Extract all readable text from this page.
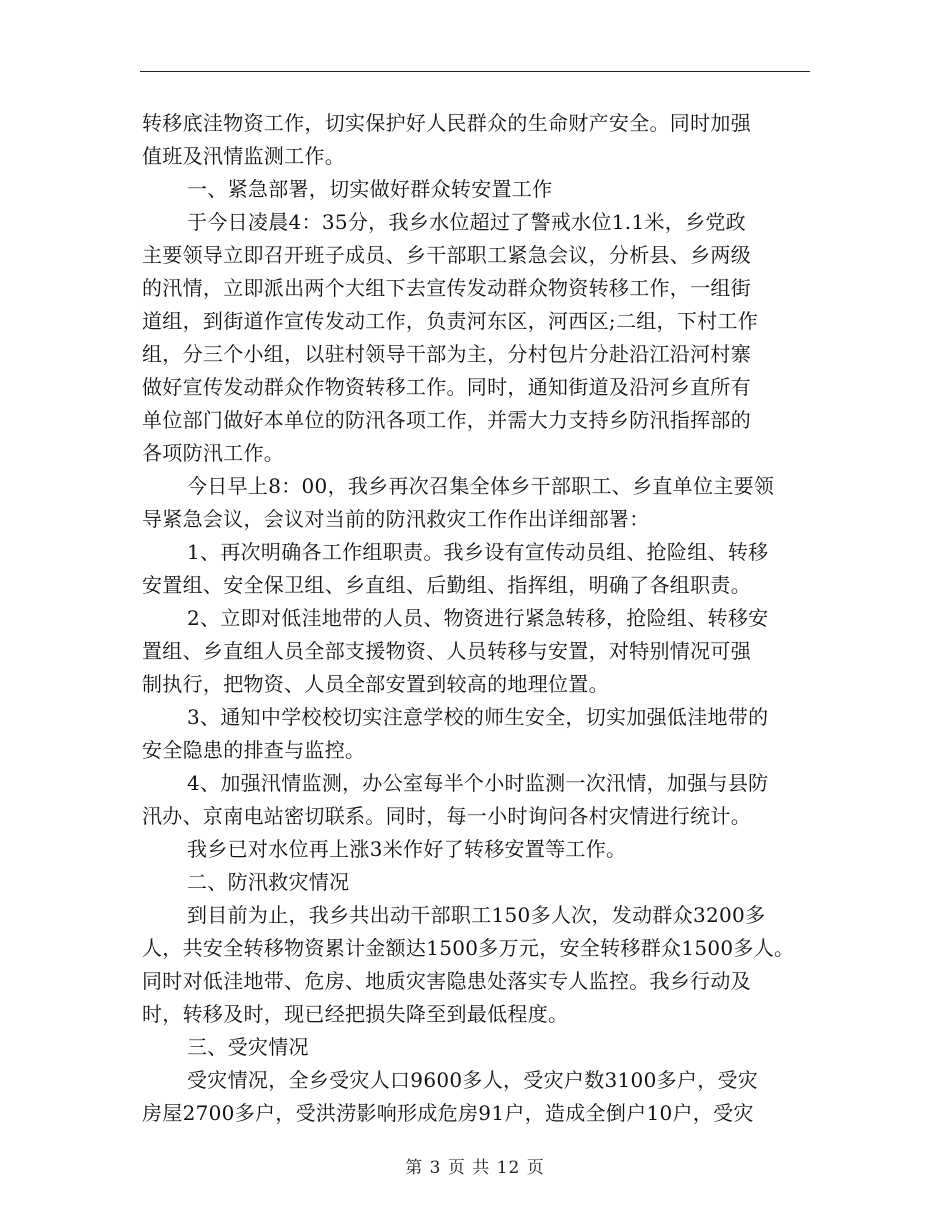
转移底洼物资工作，切实保护好人民群众的生命财产安全。同时加强
值班及汛情监测工作。
一、紧急部署，切实做好群众转安置工作
于今日凌晨4：35分，我乡水位超过了警戒水位1.1米，乡党政
主要领导立即召开班子成员、乡干部职工紧急会议，分析县、乡两级
的汛情，立即派出两个大组下去宣传发动群众物资转移工作，一组街
道组，到街道作宣传发动工作，负责河东区，河西区;二组，下村工作
组，分三个小组，以驻村领导干部为主，分村包片分赴沿江沿河村寨
做好宣传发动群众作物资转移工作。同时，通知街道及沿河乡直所有
单位部门做好本单位的防汛各项工作，并需大力支持乡防汛指挥部的
各项防汛工作。
今日早上8：00，我乡再次召集全体乡干部职工、乡直单位主要领
导紧急会议，会议对当前的防汛救灾工作作出详细部署：
1、再次明确各工作组职责。我乡设有宣传动员组、抢险组、转移
安置组、安全保卫组、乡直组、后勤组、指挥组，明确了各组职责。
2、立即对低洼地带的人员、物资进行紧急转移，抢险组、转移安
置组、乡直组人员全部支援物资、人员转移与安置，对特别情况可强
制执行，把物资、人员全部安置到较高的地理位置。
3、通知中学校校切实注意学校的师生安全，切实加强低洼地带的
安全隐患的排查与监控。
4、加强汛情监测，办公室每半个小时监测一次汛情，加强与县防
汛办、京南电站密切联系。同时，每一小时询问各村灾情进行统计。
我乡已对水位再上涨3米作好了转移安置等工作。
二、防汛救灾情况
到目前为止，我乡共出动干部职工150多人次，发动群众3200多
人，共安全转移物资累计金额达1500多万元，安全转移群众1500多人。
同时对低洼地带、危房、地质灾害隐患处落实专人监控。我乡行动及
时，转移及时，现已经把损失降至到最低程度。
三、受灾情况
受灾情况，全乡受灾人口9600多人，受灾户数3100多户，受灾
房屋2700多户，受洪涝影响形成危房91户，造成全倒户10户，受灾
第 3 页 共 12 页
